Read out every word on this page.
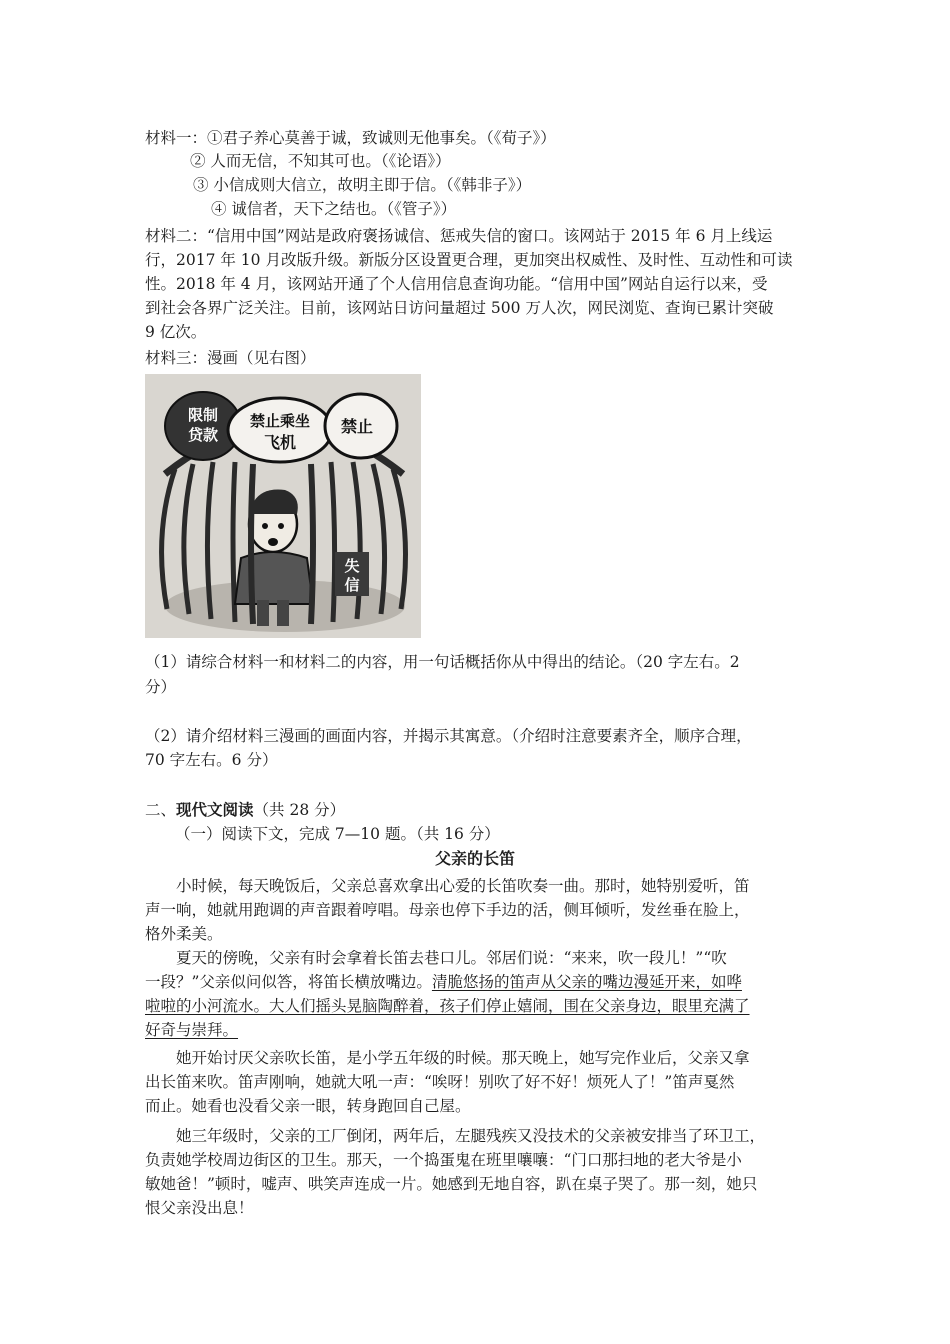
材料一：①君子养心莫善于诚，致诚则无他事矣。（《荀子》）
② 人而无信，不知其可也。（《论语》）
③ 小信成则大信立，故明主即于信。（《韩非子》）
④ 诚信者，天下之结也。（《管子》）
材料二：“信用中国”网站是政府褒扬诚信、惩戒失信的窗口。该网站于 2015 年 6 月上线运
行，2017 年 10 月改版升级。新版分区设置更合理，更加突出权威性、及时性、互动性和可读
性。2018 年 4 月，该网站开通了个人信用信息查询功能。“信用中国”网站自运行以来，受
到社会各界广泛关注。目前，该网站日访问量超过 500 万人次，网民浏览、查询已累计突破
9 亿次。
材料三：漫画（见右图）
限制
贷款
禁止乘坐
飞机
禁止
失
信
（1）请综合材料一和材料二的内容，用一句话概括你从中得出的结论。（20 字左右。2
分）
（2）请介绍材料三漫画的画面内容，并揭示其寓意。（介绍时注意要素齐全，顺序合理，
70 字左右。6 分）
二、现代文阅读（共 28 分）
（一）阅读下文，完成 7—10 题。（共 16 分）
父亲的长笛
小时候，每天晚饭后，父亲总喜欢拿出心爱的长笛吹奏一曲。那时，她特别爱听，笛
声一响，她就用跑调的声音跟着哼唱。母亲也停下手边的活，侧耳倾听，发丝垂在脸上，
格外柔美。
夏天的傍晚，父亲有时会拿着长笛去巷口儿。邻居们说：“来来，吹一段儿！”“吹
一段？”父亲似问似答，将笛长横放嘴边。清脆悠扬的笛声从父亲的嘴边漫延开来，如哗
啦啦的小河流水。大人们摇头晃脑陶醉着，孩子们停止嬉闹，围在父亲身边，眼里充满了
好奇与崇拜。
她开始讨厌父亲吹长笛，是小学五年级的时候。那天晚上，她写完作业后，父亲又拿
出长笛来吹。笛声刚响，她就大吼一声：“唉呀！别吹了好不好！烦死人了！”笛声戛然
而止。她看也没看父亲一眼，转身跑回自己屋。
她三年级时，父亲的工厂倒闭，两年后，左腿残疾又没技术的父亲被安排当了环卫工，
负责她学校周边街区的卫生。那天，一个捣蛋鬼在班里嚷嚷：“门口那扫地的老大爷是小
敏她爸！”顿时，嘘声、哄笑声连成一片。她感到无地自容，趴在桌子哭了。那一刻，她只
恨父亲没出息！
